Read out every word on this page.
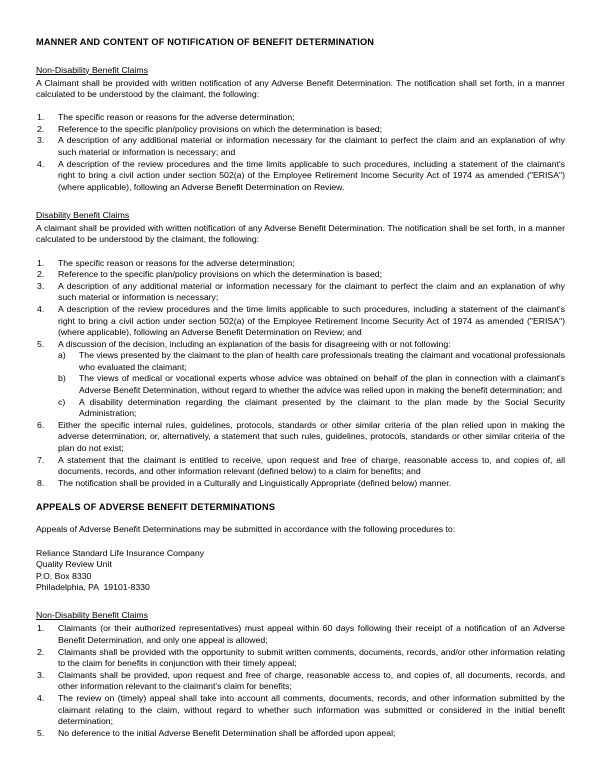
MANNER AND CONTENT OF NOTIFICATION OF BENEFIT DETERMINATION
Non-Disability Benefit Claims

A Claimant shall be provided with written notification of any Adverse Benefit Determination. The notification shall set forth, in a manner calculated to be understood by the claimant, the following:

1.	The specific reason or reasons for the adverse determination;
2.	Reference to the specific plan/policy provisions on which the determination is based;
3.	A description of any additional material or information necessary for the claimant to perfect the claim and an explanation of why such material or information is necessary; and
4.	A description of the review procedures and the time limits applicable to such procedures, including a statement of the claimant's right to bring a civil action under section 502(a) of the Employee Retirement Income Security Act of 1974 as amended ("ERISA") (where applicable), following an Adverse Benefit Determination on Review.
Disability Benefit Claims

A claimant shall be provided with written notification of any Adverse Benefit Determination. The notification shall be set forth, in a manner calculated to be understood by the claimant, the following:

1.	The specific reason or reasons for the adverse determination;
2.	Reference to the specific plan/policy provisions on which the determination is based;
3.	A description of any additional material or information necessary for the claimant to perfect the claim and an explanation of why such material or information is necessary;
4.	A description of the review procedures and the time limits applicable to such procedures, including a statement of the claimant's right to bring a civil action under section 502(a) of the Employee Retirement Income Security Act of 1974 as amended ("ERISA") (where applicable), following an Adverse Benefit Determination on Review; and
5.	A discussion of the decision, including an explanation of the basis for disagreeing with or not following:
a)	The views presented by the claimant to the plan of health care professionals treating the claimant and vocational professionals who evaluated the claimant;
b)	The views of medical or vocational experts whose advice was obtained on behalf of the plan in connection with a claimant's Adverse Benefit Determination, without regard to whether the advice was relied upon in making the benefit determination; and
c)	A disability determination regarding the claimant presented by the claimant to the plan made by the Social Security Administration;
6.	Either the specific internal rules, guidelines, protocols, standards or other similar criteria of the plan relied upon in making the adverse determination, or, alternatively, a statement that such rules, guidelines, protocols, standards or other similar criteria of the plan do not exist;
7.	A statement that the claimant is entitled to receive, upon request and free of charge, reasonable access to, and copies of, all documents, records, and other information relevant (defined below) to a claim for benefits; and
8.	The notification shall be provided in a Culturally and Linguistically Appropriate (defined below) manner.
APPEALS OF ADVERSE BENEFIT DETERMINATIONS

Appeals of Adverse Benefit Determinations may be submitted in accordance with the following procedures to:

Reliance Standard Life Insurance Company
Quality Review Unit
P.O. Box 8330
Philadelphia, PA  19101-8330
Non-Disability Benefit Claims
1.	Claimants (or their authorized representatives) must appeal within 60 days following their receipt of a notification of an Adverse Benefit Determination, and only one appeal is allowed;
2.	Claimants shall be provided with the opportunity to submit written comments, documents, records, and/or other information relating to the claim for benefits in conjunction with their timely appeal;
3.	Claimants shall be provided, upon request and free of charge, reasonable access to, and copies of, all documents, records, and other information relevant to the claimant's claim for benefits;
4.	The review on (timely) appeal shall take into account all comments, documents, records, and other information submitted by the claimant relating to the claim, without regard to whether such information was submitted or considered in the initial benefit determination;
5.	No deference to the initial Adverse Benefit Determination shall be afforded upon appeal;
